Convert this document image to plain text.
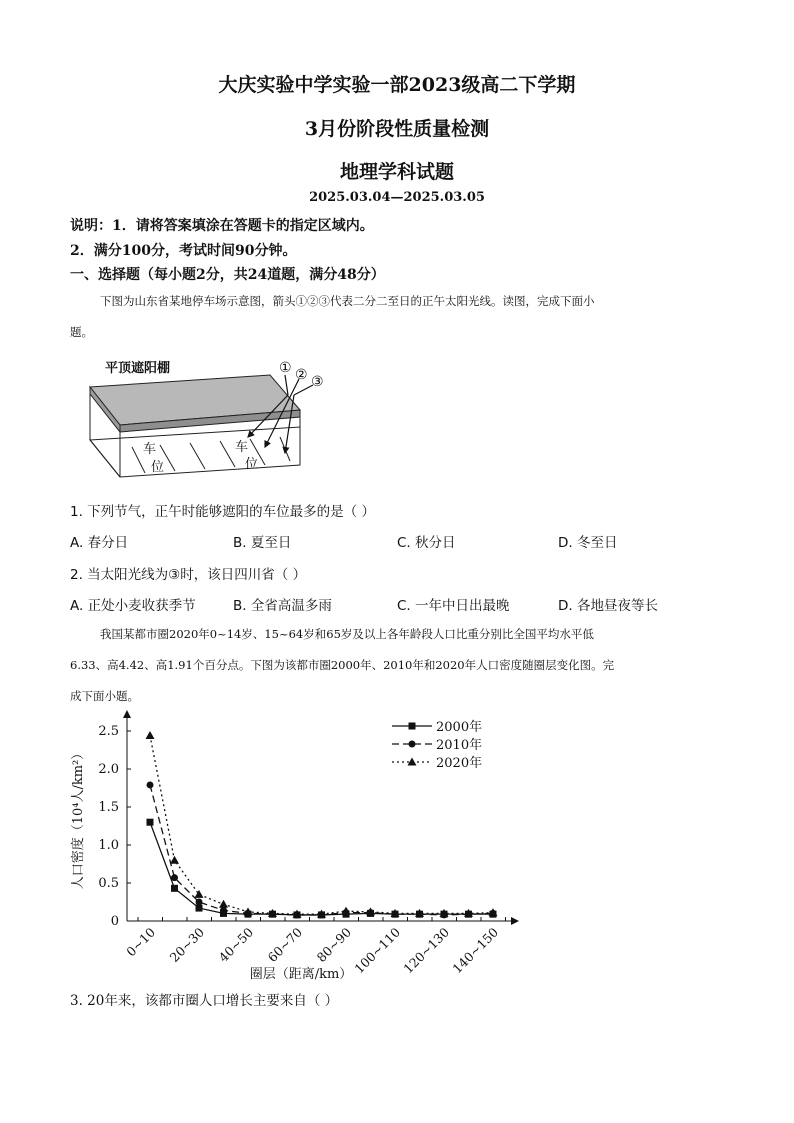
大庆实验中学实验一部2023级高二下学期
3月份阶段性质量检测
地理学科试题
2025.03.04—2025.03.05
说明：1．请将答案填涂在答题卡的指定区域内。
2．满分100分，考试时间90分钟。
一、选择题（每小题2分，共24道题，满分48分）
下图为山东省某地停车场示意图，箭头①②③代表二分二至日的正午太阳光线。读图，完成下面小
题。
车
位
车
位
平顶遮阳棚	① ② ③
1. 下列节气，正午时能够遮阳的车位最多的是（ ）
A. 春分日	B. 夏至日	C. 秋分日	D. 冬至日
2. 当太阳光线为③时，该日四川省（ ）
A. 正处小麦收获季节	B. 全省高温多雨	C. 一年中日出最晚	D. 各地昼夜等长
我国某都市圈2020年0~14岁、15~64岁和65岁及以上各年龄段人口比重分别比全国平均水平低
6.33、高4.42、高1.91个百分点。下图为该都市圈2000年、2010年和2020年人口密度随圈层变化图。完
成下面小题。
0
0.5
1.0
1.5
2.0
2.5
0~10 20~30 40~50 60~70 80~90
100~110
120~130
140~150
2000年
2010年
2020年
人口密度（10⁴人/km²）
圈层（距离/km）
3. 20年来，该都市圈人口增长主要来自（ ）
